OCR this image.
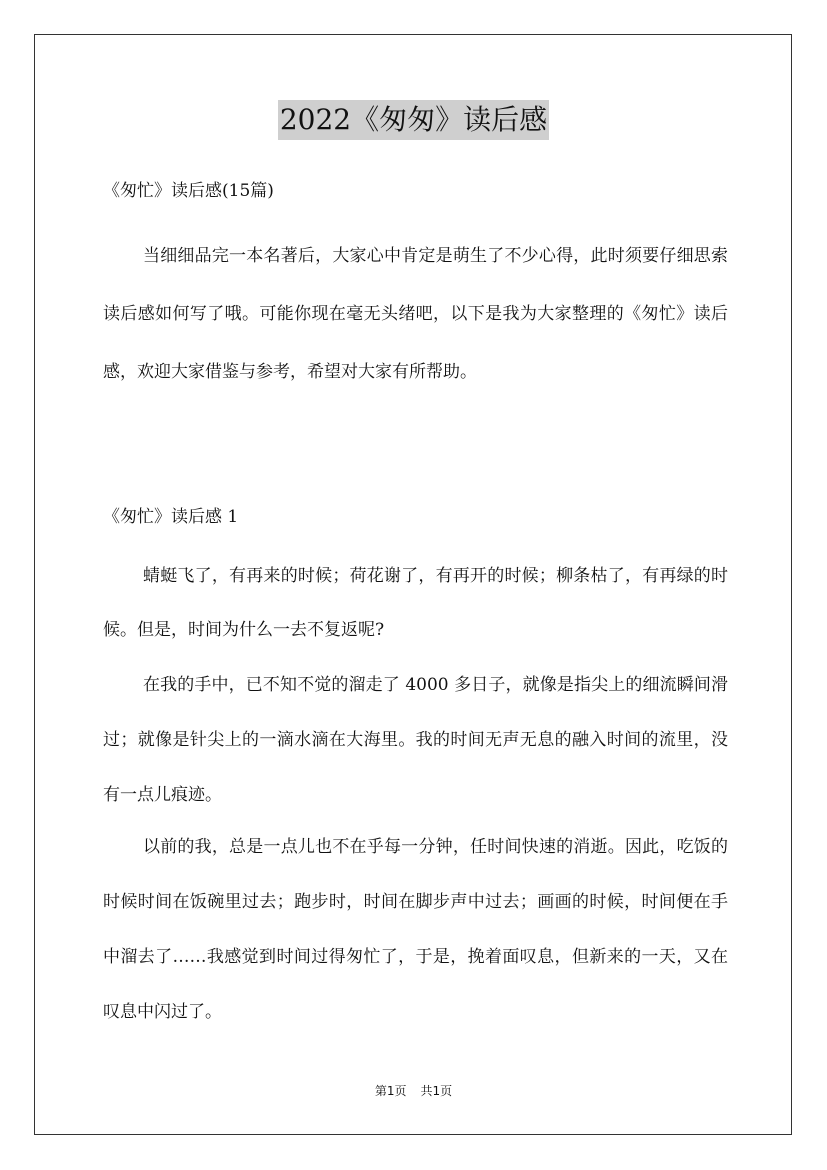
2022《匆匆》读后感

《匆忙》读后感(15篇)

当细细品完一本名著后，大家心中肯定是萌生了不少心得，此时须要仔细思索读后感如何写了哦。可能你现在毫无头绪吧，以下是我为大家整理的《匆忙》读后感，欢迎大家借鉴与参考，希望对大家有所帮助。

《匆忙》读后感 1

蜻蜓飞了，有再来的时候；荷花谢了，有再开的时候；柳条枯了，有再绿的时候。但是，时间为什么一去不复返呢?

在我的手中，已不知不觉的溜走了 4000 多日子，就像是指尖上的细流瞬间滑过；就像是针尖上的一滴水滴在大海里。我的时间无声无息的融入时间的流里，没有一点儿痕迹。

以前的我，总是一点儿也不在乎每一分钟，任时间快速的消逝。因此，吃饭的时候时间在饭碗里过去；跑步时，时间在脚步声中过去；画画的时候，时间便在手中溜去了……我感觉到时间过得匆忙了，于是，挽着面叹息，但新来的一天，又在叹息中闪过了。

第1页 共1页
